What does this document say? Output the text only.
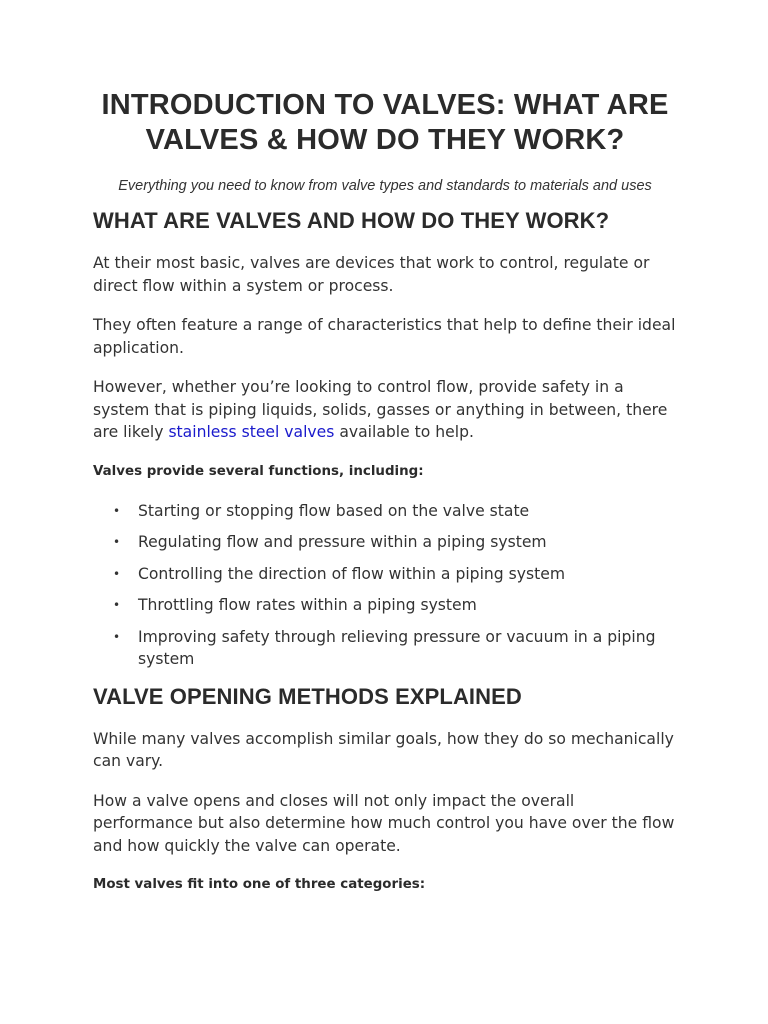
INTRODUCTION TO VALVES: WHAT ARE VALVES & HOW DO THEY WORK?
Everything you need to know from valve types and standards to materials and uses
WHAT ARE VALVES AND HOW DO THEY WORK?

At their most basic, valves are devices that work to control, regulate or direct flow within a system or process.

They often feature a range of characteristics that help to define their ideal application.

However, whether you’re looking to control flow, provide safety in a system that is piping liquids, solids, gasses or anything in between, there are likely stainless steel valves available to help.

Valves provide several functions, including:
• Starting or stopping flow based on the valve state
• Regulating flow and pressure within a piping system
• Controlling the direction of flow within a piping system
• Throttling flow rates within a piping system
• Improving safety through relieving pressure or vacuum in a piping system
VALVE OPENING METHODS EXPLAINED

While many valves accomplish similar goals, how they do so mechanically can vary.

How a valve opens and closes will not only impact the overall performance but also determine how much control you have over the flow and how quickly the valve can operate.

Most valves fit into one of three categories:
